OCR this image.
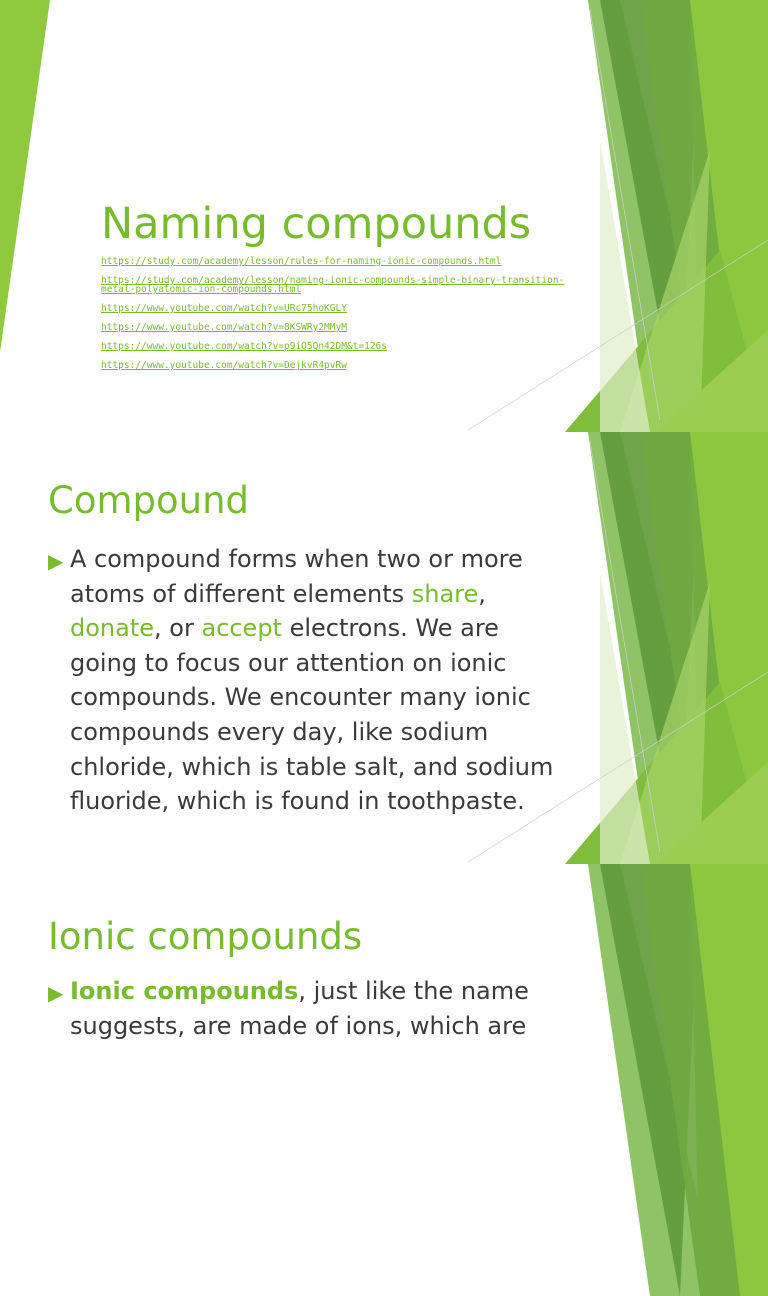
Naming compounds
https://study.com/academy/lesson/rules-for-naming-ionic-compounds.html
https://study.com/academy/lesson/naming-ionic-compounds-simple-binary-transition-metal-polyatomic-ion-compounds.html
https://www.youtube.com/watch?v=URc75hoKGLY
https://www.youtube.com/watch?v=8KSWRy2MMyM
https://www.youtube.com/watch?v=p9iQ5Qn42DM&t=126s
https://www.youtube.com/watch?v=DejkvR4pvRw
Compound

▶ A compound forms when two or more atoms of different elements share, donate, or accept electrons. We are going to focus our attention on ionic compounds. We encounter many ionic compounds every day, like sodium chloride, which is table salt, and sodium fluoride, which is found in toothpaste.

Ionic compounds

▶ Ionic compounds, just like the name suggests, are made of ions, which are
